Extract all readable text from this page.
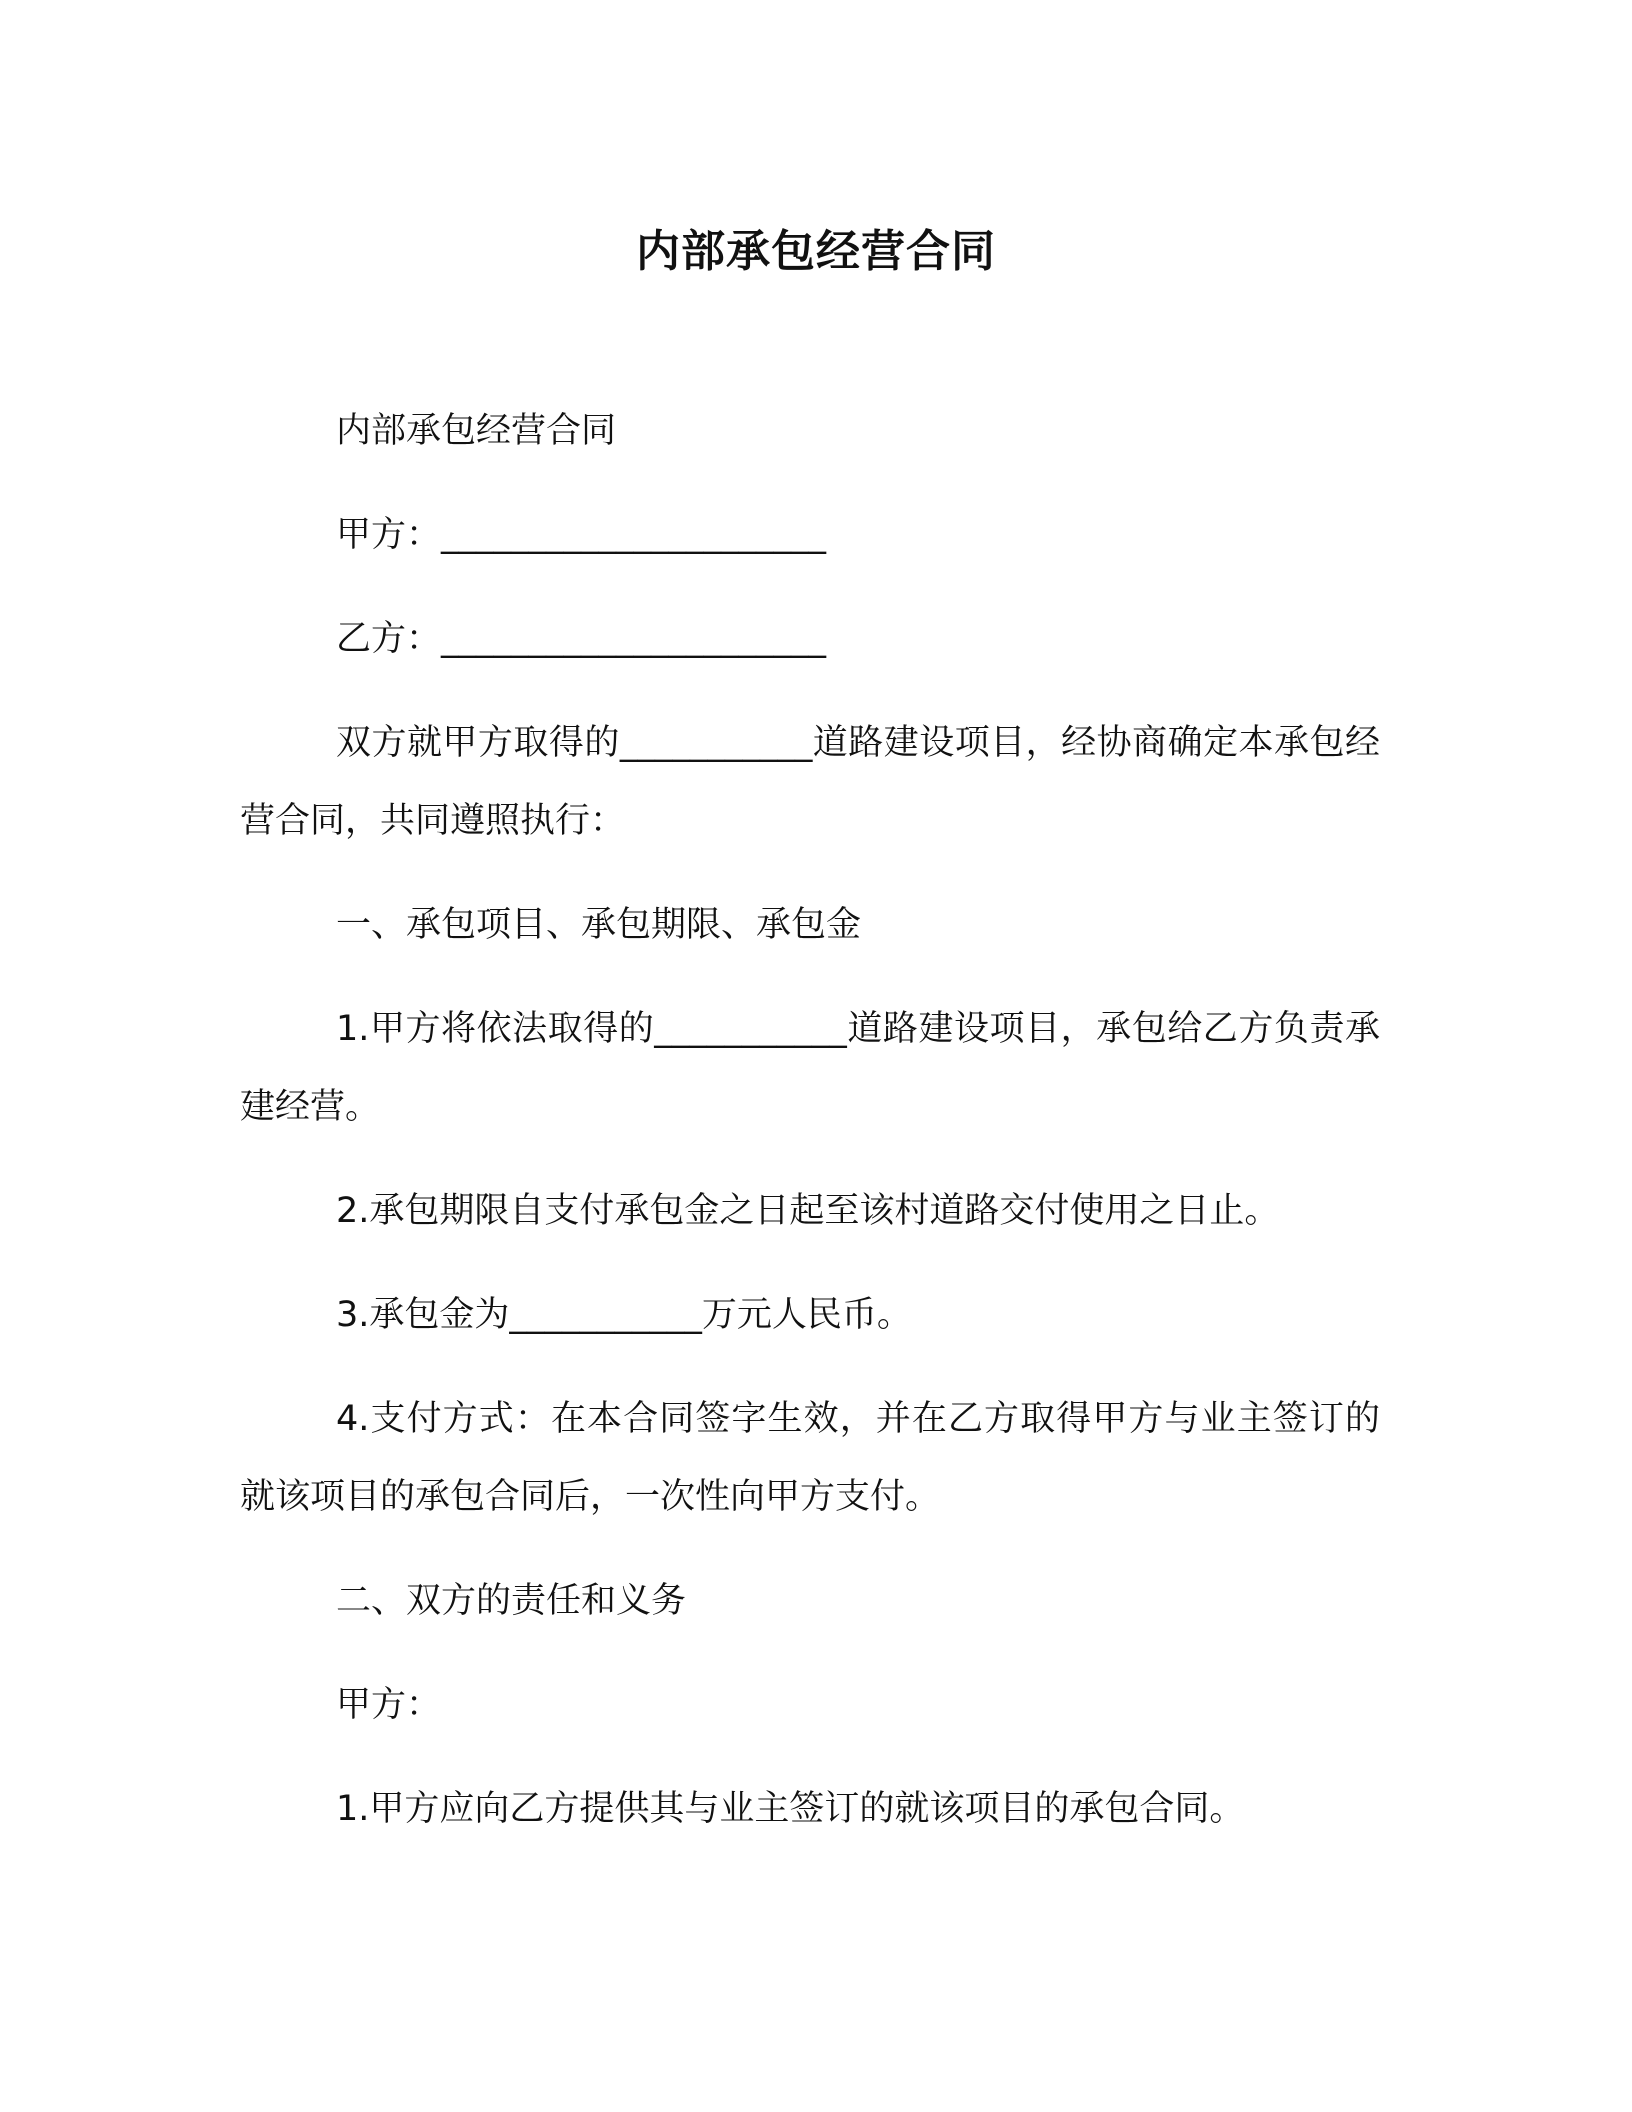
内部承包经营合同

内部承包经营合同

甲方：______________________

乙方：______________________

双方就甲方取得的___________道路建设项目，经协商确定本承包经营合同，共同遵照执行：

一、承包项目、承包期限、承包金

1.甲方将依法取得的___________道路建设项目，承包给乙方负责承建经营。

2.承包期限自支付承包金之日起至该村道路交付使用之日止。

3.承包金为___________万元人民币。

4.支付方式：在本合同签字生效，并在乙方取得甲方与业主签订的就该项目的承包合同后，一次性向甲方支付。

二、双方的责任和义务

甲方：

1.甲方应向乙方提供其与业主签订的就该项目的承包合同。
